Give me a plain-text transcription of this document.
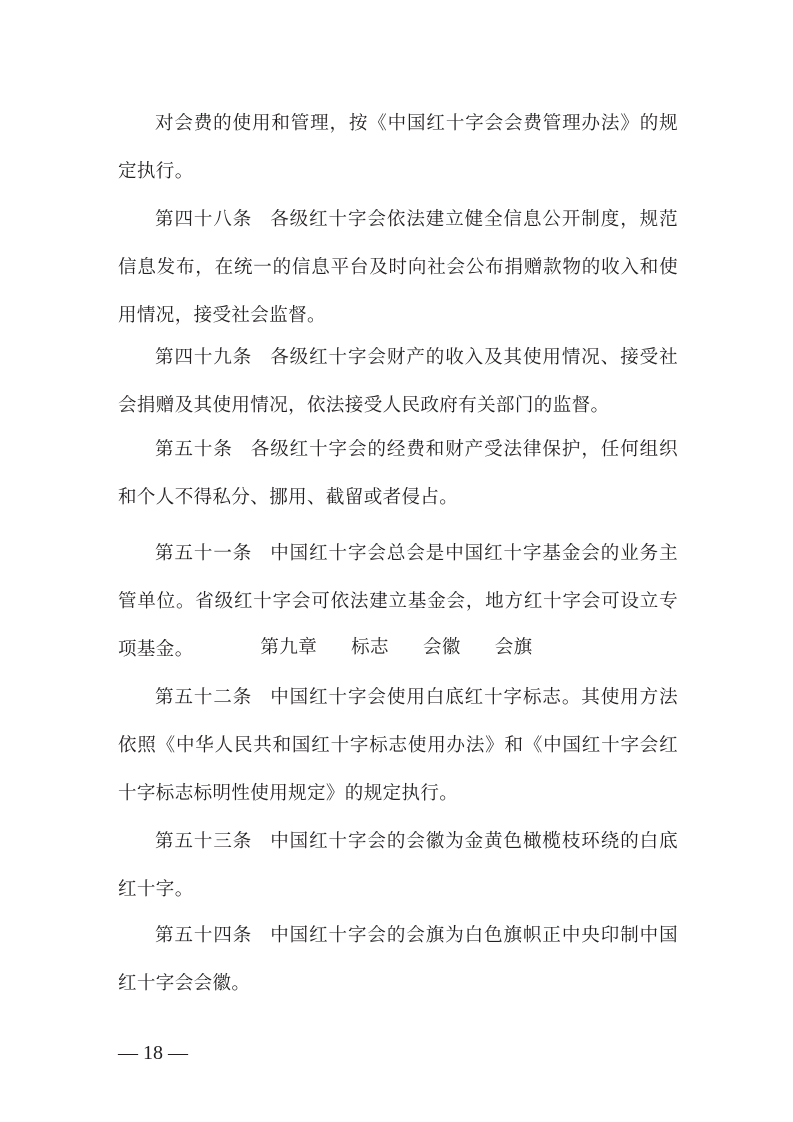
对会费的使用和管理，按《中国红十字会会费管理办法》的规定执行。

第四十八条 各级红十字会依法建立健全信息公开制度，规范信息发布，在统一的信息平台及时向社会公布捐赠款物的收入和使用情况，接受社会监督。

第四十九条 各级红十字会财产的收入及其使用情况、接受社会捐赠及其使用情况，依法接受人民政府有关部门的监督。

第五十条 各级红十字会的经费和财产受法律保护，任何组织和个人不得私分、挪用、截留或者侵占。

第五十一条 中国红十字会总会是中国红十字基金会的业务主管单位。省级红十字会可依法建立基金会，地方红十字会可设立专项基金。	第九章 标志 会徽 会旗

第五十二条 中国红十字会使用白底红十字标志。其使用方法依照《中华人民共和国红十字标志使用办法》和《中国红十字会红十字标志标明性使用规定》的规定执行。

第五十三条 中国红十字会的会徽为金黄色橄榄枝环绕的白底红十字。

第五十四条 中国红十字会的会旗为白色旗帜正中央印制中国红十字会会徽。

— 18 —
